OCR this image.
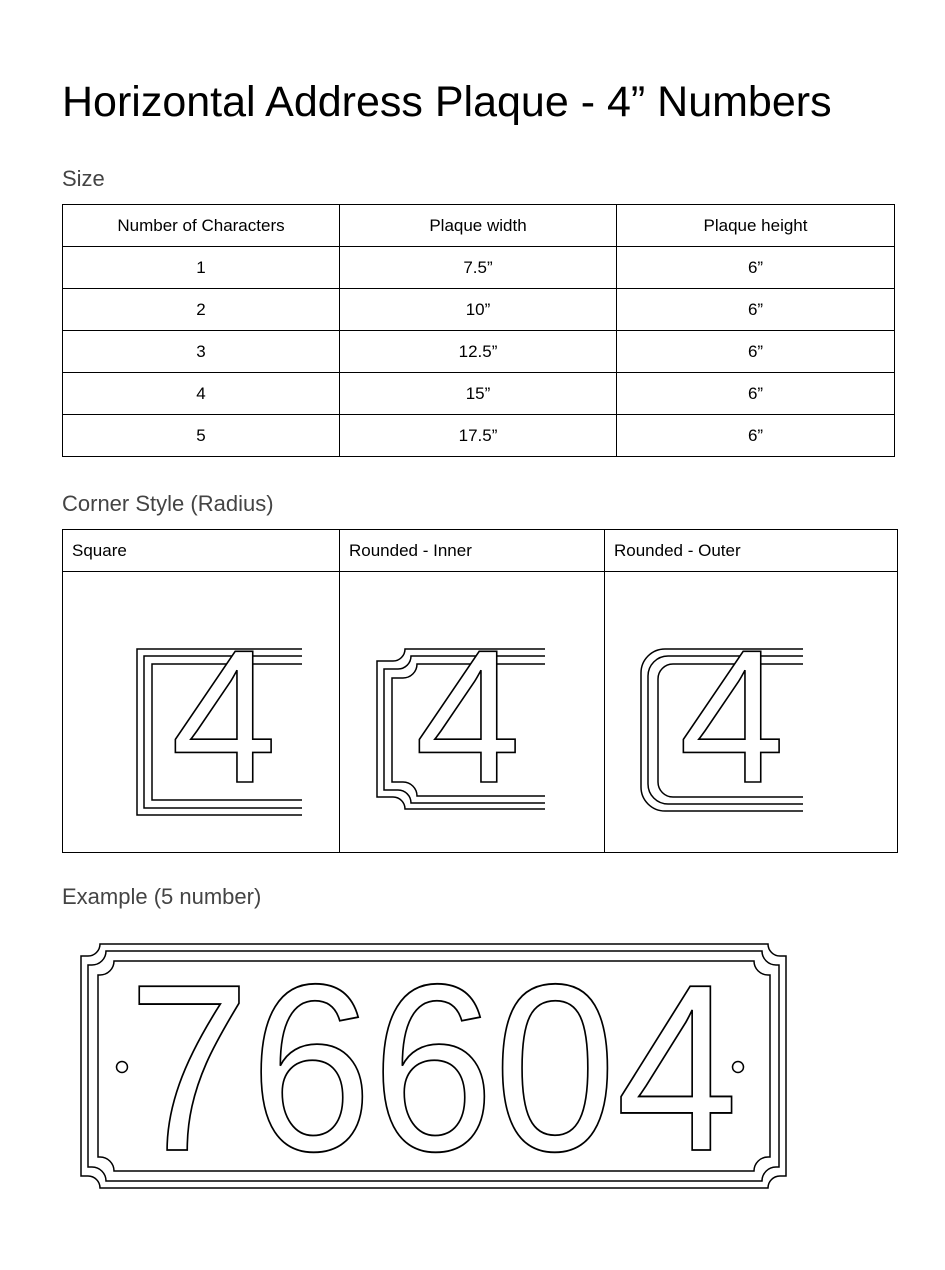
Horizontal Address Plaque - 4” Numbers
Size
Number of Characters	Plaque width	Plaque height
1	7.5”	6”
2	10”	6”
3	12.5”	6”
4	15”	6”
5	17.5”	6”
Corner Style (Radius)
Square	Rounded - Inner	Rounded - Outer

4	4	4
Example (5 number)
76604
